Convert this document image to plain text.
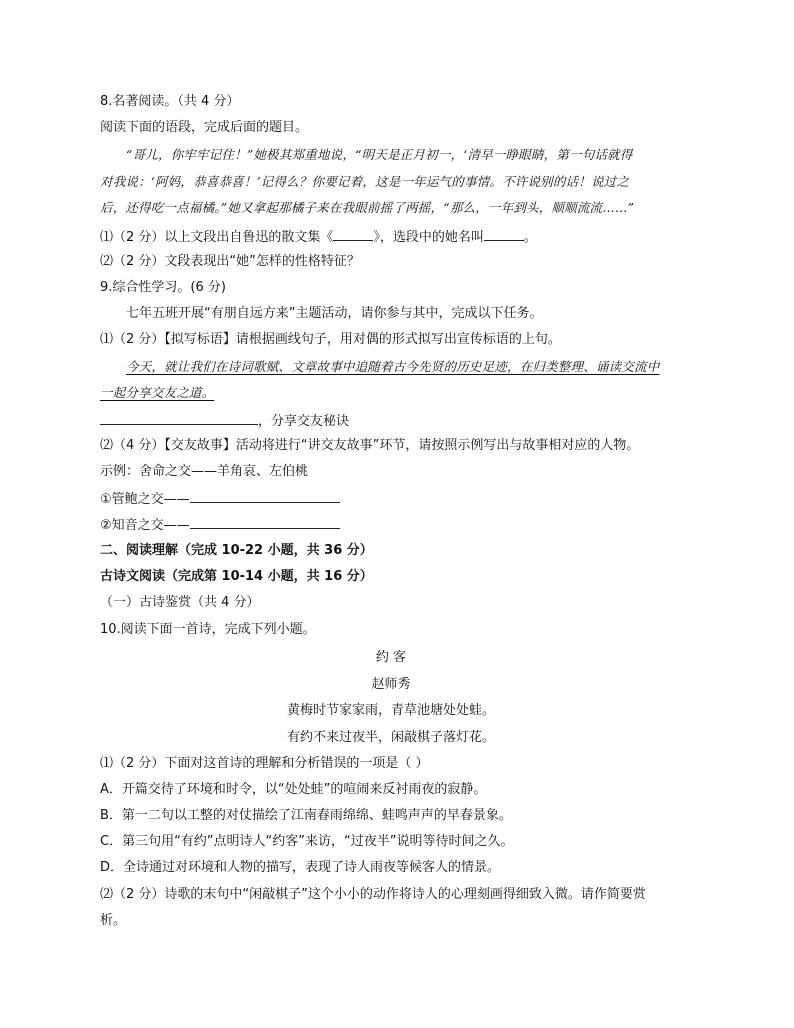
8.名著阅读。（共 4 分）
阅读下面的语段，完成后面的题目。
“哥儿，你牢牢记住！”她极其郑重地说，“明天是正月初一，‘清早一睁眼睛，第一句话就得
对我说：‘阿妈，恭喜恭喜！’记得么？你要记着，这是一年运气的事情。不许说别的话！说过之
后，还得吃一点福橘。”她又拿起那橘子来在我眼前摇了两摇，“那么，一年到头，顺顺流流……”
⑴（2 分）以上文段出自鲁迅的散文集《	》，选段中的她名叫	。
⑵（2 分）文段表现出“她”怎样的性格特征？
9.综合性学习。(6 分)
七年五班开展“有朋自远方来”主题活动，请你参与其中，完成以下任务。
⑴（2 分）【拟写标语】请根据画线句子，用对偶的形式拟写出宣传标语的上句。
今天，就让我们在诗词歌赋、文章故事中追随着古今先贤的历史足迹，在归类整理、诵读交流中
一起分享交友之道。
，分享交友秘诀
⑵（4 分）【交友故事】活动将进行“讲交友故事”环节，请按照示例写出与故事相对应的人物。
示例：舍命之交——羊角哀、左伯桃
①管鲍之交——
②知音之交——
二、阅读理解（完成 10-22 小题，共 36 分）
古诗文阅读（完成第 10-14 小题，共 16 分）
（一）古诗鉴赏（共 4 分）
10.阅读下面一首诗，完成下列小题。
约 客
赵师秀
黄梅时节家家雨，青草池塘处处蛙。
有约不来过夜半，闲敲棋子落灯花。
⑴（2 分）下面对这首诗的理解和分析错误的一项是（ ）
A．开篇交待了环境和时令，以“处处蛙”的喧闹来反衬雨夜的寂静。
B．第一二句以工整的对仗描绘了江南春雨绵绵、蛙鸣声声的早春景象。
C．第三句用“有约”点明诗人“约客”来访，“过夜半”说明等待时间之久。
D．全诗通过对环境和人物的描写，表现了诗人雨夜等候客人的情景。
⑵（2 分）诗歌的末句中“闲敲棋子”这个小小的动作将诗人的心理刻画得细致入微。请作简要赏
析。
